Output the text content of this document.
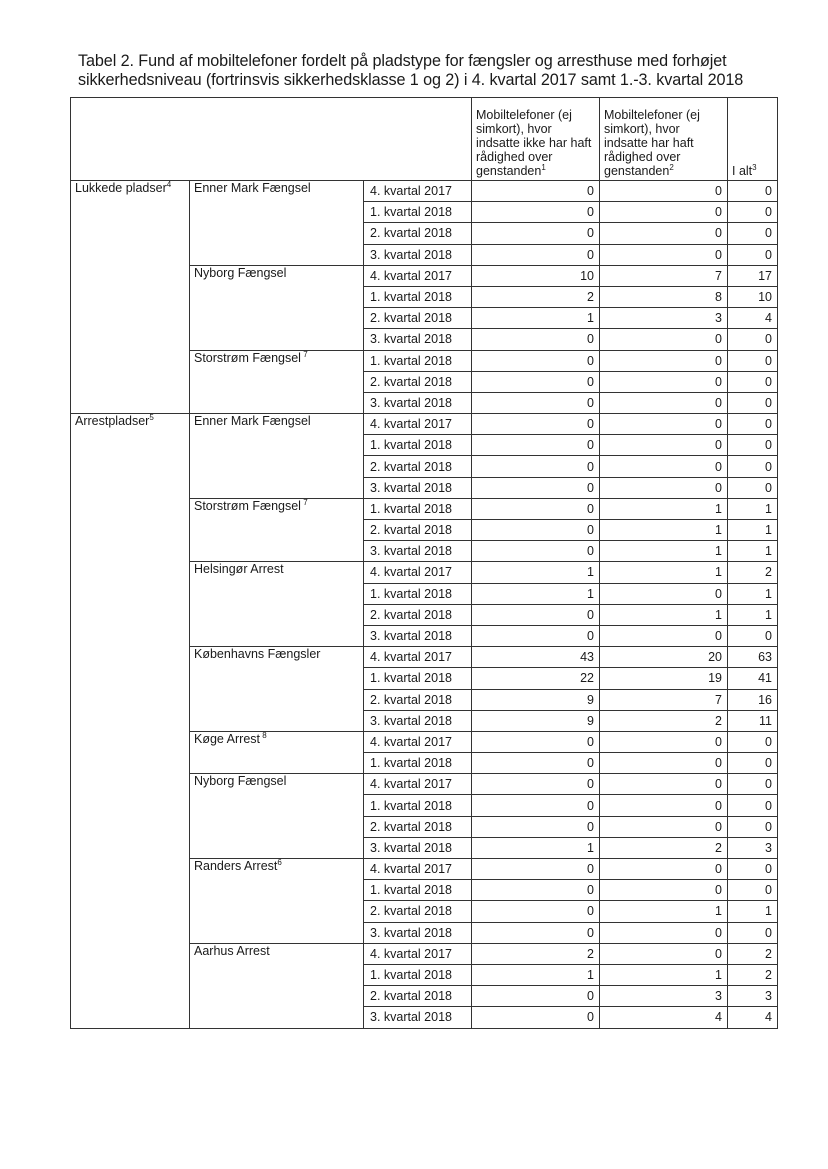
Tabel 2. Fund af mobiltelefoner fordelt på pladstype for fængsler og arresthuse med forhøjet
sikkerhedsniveau (fortrinsvis sikkerhedsklasse 1 og 2) i 4. kvartal 2017 samt 1.-3. kvartal 2018
			Mobiltelefoner (ej simkort), hvor indsatte ikke har haft rådighed over genstanden$^1$	Mobiltelefoner (ej simkort), hvor indsatte har haft rådighed over genstanden$^2$	I alt$^3$
Lukkede pladser$^4$	Enner Mark Fængsel	4. kvartal 2017	0	0	0
		1. kvartal 2018	0	0	0
		2. kvartal 2018	0	0	0
		3. kvartal 2018	0	0	0
	Nyborg Fængsel	4. kvartal 2017	10	7	17
		1. kvartal 2018	2	8	10
		2. kvartal 2018	1	3	4
		3. kvartal 2018	0	0	0
	Storstrøm Fængsel $^7$	1. kvartal 2018	0	0	0
		2. kvartal 2018	0	0	0
		3. kvartal 2018	0	0	0
Arrestpladser$^5$	Enner Mark Fængsel	4. kvartal 2017	0	0	0
		1. kvartal 2018	0	0	0
		2. kvartal 2018	0	0	0
		3. kvartal 2018	0	0	0
	Storstrøm Fængsel $^7$	1. kvartal 2018	0	1	1
		2. kvartal 2018	0	1	1
		3. kvartal 2018	0	1	1
	Helsingør Arrest	4. kvartal 2017	1	1	2
		1. kvartal 2018	1	0	1
		2. kvartal 2018	0	1	1
		3. kvartal 2018	0	0	0
	Københavns Fængsler	4. kvartal 2017	43	20	63
		1. kvartal 2018	22	19	41
		2. kvartal 2018	9	7	16
		3. kvartal 2018	9	2	11
	Køge Arrest $^8$	4. kvartal 2017	0	0	0
		1. kvartal 2018	0	0	0
	Nyborg Fængsel	4. kvartal 2017	0	0	0
		1. kvartal 2018	0	0	0
		2. kvartal 2018	0	0	0
		3. kvartal 2018	1	2	3
	Randers Arrest$^6$	4. kvartal 2017	0	0	0
		1. kvartal 2018	0	0	0
		2. kvartal 2018	0	1	1
		3. kvartal 2018	0	0	0
	Aarhus Arrest	4. kvartal 2017	2	0	2
		1. kvartal 2018	1	1	2
		2. kvartal 2018	0	3	3
		3. kvartal 2018	0	4	4
